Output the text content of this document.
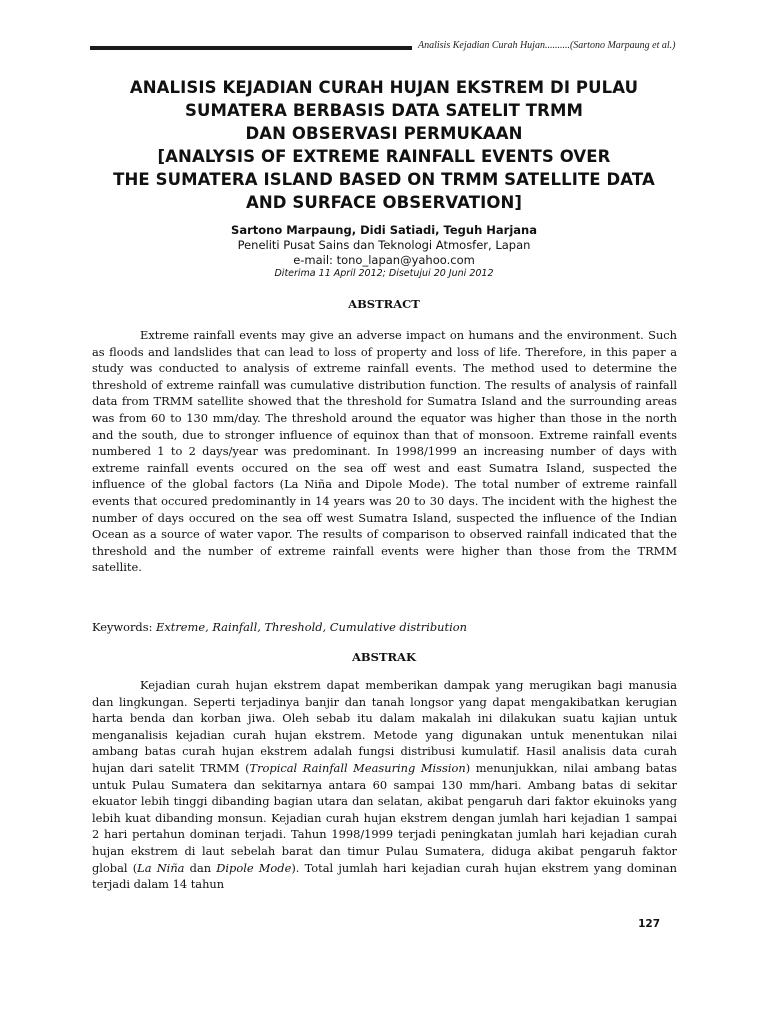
Analisis Kejadian Curah Hujan..........(Sartono Marpaung et al.)
ANALISIS KEJADIAN CURAH HUJAN EKSTREM DI PULAU
SUMATERA BERBASIS DATA SATELIT TRMM
DAN OBSERVASI PERMUKAAN
[ANALYSIS OF EXTREME RAINFALL EVENTS OVER
THE SUMATERA ISLAND BASED ON TRMM SATELLITE DATA
AND SURFACE OBSERVATION]
Sartono Marpaung, Didi Satiadi, Teguh Harjana
Peneliti Pusat Sains dan Teknologi Atmosfer, Lapan
e-mail: tono_lapan@yahoo.com
Diterima 11 April 2012; Disetujui 20 Juni 2012
ABSTRACT
Extreme rainfall events may give an adverse impact on humans and the environment. Such as floods and landslides that can lead to loss of property and loss of life. Therefore, in this paper a study was conducted to analysis of extreme rainfall events. The method used to determine the threshold of extreme rainfall was cumulative distribution function. The results of analysis of rainfall data from TRMM satellite showed that the threshold for Sumatra Island and the surrounding areas was from 60 to 130 mm/day. The threshold around the equator was higher than those in the north and the south, due to stronger influence of equinox than that of monsoon. Extreme rainfall events numbered 1 to 2 days/year was predominant. In 1998/1999 an increasing number of days with extreme rainfall events occured on the sea off west and east Sumatra Island, suspected the influence of the global factors (La Niña and Dipole Mode). The total number of extreme rainfall events that occured predominantly in 14 years was 20 to 30 days. The incident with the highest the number of days occured on the sea off west Sumatra Island, suspected the influence of the Indian Ocean as a source of water vapor. The results of comparison to observed rainfall indicated that the threshold and the number of extreme rainfall events were higher than those from the TRMM satellite.
Keywords: Extreme, Rainfall, Threshold, Cumulative distribution
ABSTRAK
Kejadian curah hujan ekstrem dapat memberikan dampak yang merugikan bagi manusia dan lingkungan. Seperti terjadinya banjir dan tanah longsor yang dapat mengakibatkan kerugian harta benda dan korban jiwa. Oleh sebab itu dalam makalah ini dilakukan suatu kajian untuk menganalisis kejadian curah hujan ekstrem. Metode yang digunakan untuk menentukan nilai ambang batas curah hujan ekstrem adalah fungsi distribusi kumulatif. Hasil analisis data curah hujan dari satelit TRMM (Tropical Rainfall Measuring Mission) menunjukkan, nilai ambang batas untuk Pulau Sumatera dan sekitarnya antara 60 sampai 130 mm/hari. Ambang batas di sekitar ekuator lebih tinggi dibanding bagian utara dan selatan, akibat pengaruh dari faktor ekuinoks yang lebih kuat dibanding monsun. Kejadian curah hujan ekstrem dengan jumlah hari kejadian 1 sampai 2 hari pertahun dominan terjadi. Tahun 1998/1999 terjadi peningkatan jumlah hari kejadian curah hujan ekstrem di laut sebelah barat dan timur Pulau Sumatera, diduga akibat pengaruh faktor global (La Niña dan Dipole Mode). Total jumlah hari kejadian curah hujan ekstrem yang dominan terjadi dalam 14 tahun
127
